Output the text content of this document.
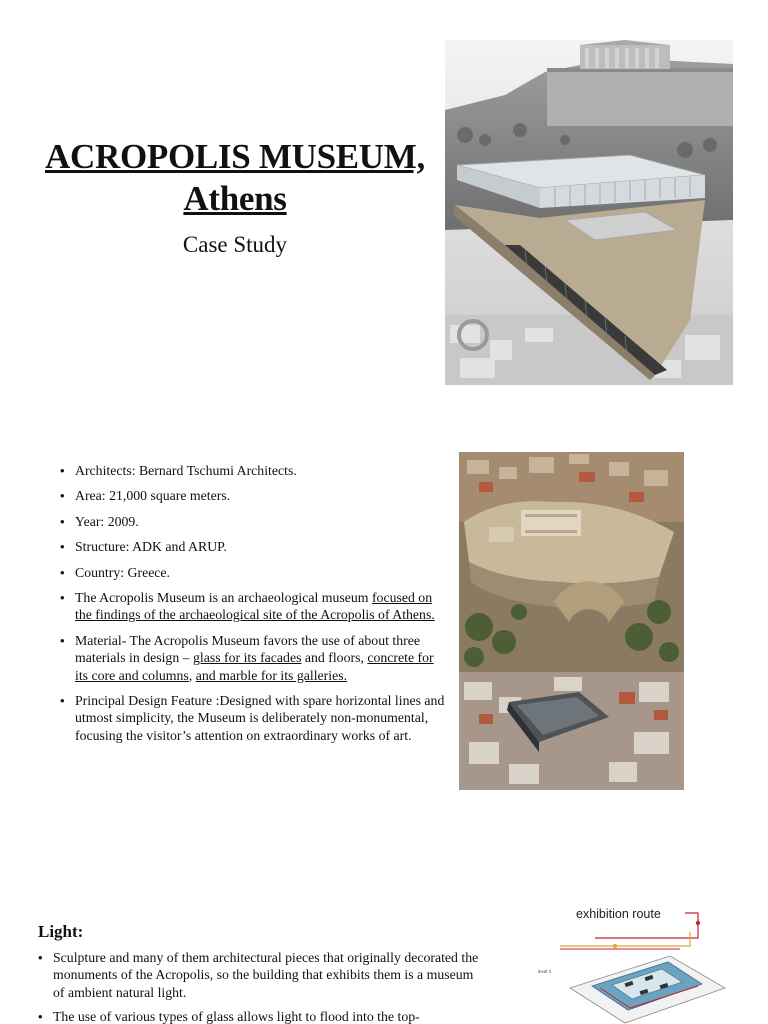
ACROPOLIS MUSEUM,
Athens
Case Study
• Architects: Bernard Tschumi Architects.
• Area: 21,000 square meters.
• Year: 2009.
• Structure: ADK and ARUP.
• Country: Greece.
• The Acropolis Museum is an archaeological museum focused on the findings of the archaeological site of the Acropolis of Athens.
• Material- The Acropolis Museum favors the use of about three materials in design – glass for its facades and floors, concrete for its core and columns, and marble for its galleries.
• Principal Design Feature :Designed with spare horizontal lines and utmost simplicity, the Museum is deliberately non-monumental, focusing the visitor’s attention on extraordinary works of art.
Light:
• Sculpture and many of them architectural pieces that originally decorated the monuments of the Acropolis, so the building that exhibits them is a museum of ambient natural light.
• The use of various types of glass allows light to flood into the top-
exhibition route
level 3
